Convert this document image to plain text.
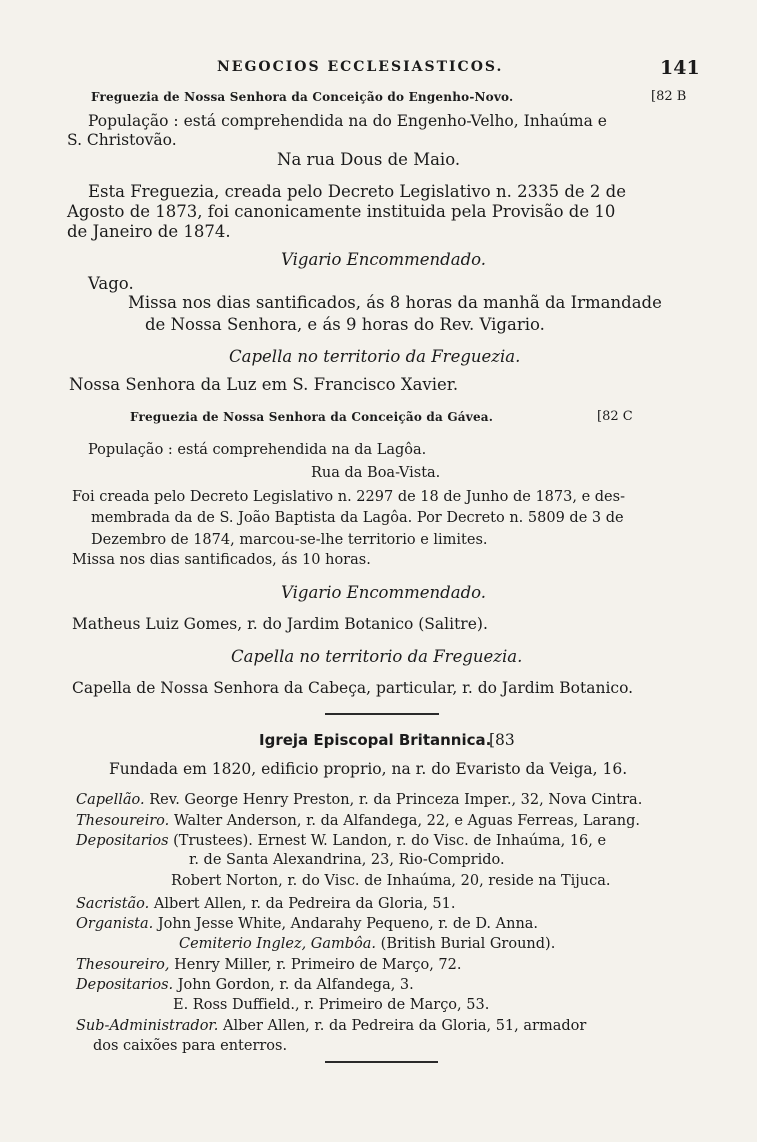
NEGOCIOS ECCLESIASTICOS.	141
Freguezia de Nossa Senhora da Conceição do Engenho-Novo.	[82 B
População : está comprehendida na do Engenho-Velho, Inhaúma e
S. Christovão.
Na rua Dous de Maio.
Esta Freguezia, creada pelo Decreto Legislativo n. 2335 de 2 de
Agosto de 1873, foi canonicamente instituida pela Provisão de 10
de Janeiro de 1874.
Vigario Encommendado.
Vago.
Missa nos dias santificados, ás 8 horas da manhã da Irmandade
de Nossa Senhora, e ás 9 horas do Rev. Vigario.
Capella no territorio da Freguezia.
Nossa Senhora da Luz em S. Francisco Xavier.
Freguezia de Nossa Senhora da Conceição da Gávea.	[82 C
População : está comprehendida na da Lagôa.
Rua da Boa-Vista.
Foi creada pelo Decreto Legislativo n. 2297 de 18 de Junho de 1873, e des-
membrada da de S. João Baptista da Lagôa. Por Decreto n. 5809 de 3 de
Dezembro de 1874, marcou-se-lhe territorio e limites.
Missa nos dias santificados, ás 10 horas.
Vigario Encommendado.
Matheus Luiz Gomes, r. do Jardim Botanico (Salitre).
Capella no territorio da Freguezia.
Capella de Nossa Senhora da Cabeça, particular, r. do Jardim Botanico.
Igreja Episcopal Britannica.
[83
Fundada em 1820, edificio proprio, na r. do Evaristo da Veiga, 16.
Capellão. Rev. George Henry Preston, r. da Princeza Imper., 32, Nova Cintra.
Thesoureiro. Walter Anderson, r. da Alfandega, 22, e Aguas Ferreas, Larang.
Depositarios (Trustees). Ernest W. Landon, r. do Visc. de Inhaúma, 16, e
r. de Santa Alexandrina, 23, Rio-Comprido.
Robert Norton, r. do Visc. de Inhaúma, 20, reside na Tijuca.
Sacristão. Albert Allen, r. da Pedreira da Gloria, 51.
Organista. John Jesse White, Andarahy Pequeno, r. de D. Anna.
Cemiterio Inglez, Gambôa. (British Burial Ground).
Thesoureiro, Henry Miller, r. Primeiro de Março, 72.
Depositarios. John Gordon, r. da Alfandega, 3.
E. Ross Duffield., r. Primeiro de Março, 53.
Sub-Administrador. Alber Allen, r. da Pedreira da Gloria, 51, armador
dos caixões para enterros.
